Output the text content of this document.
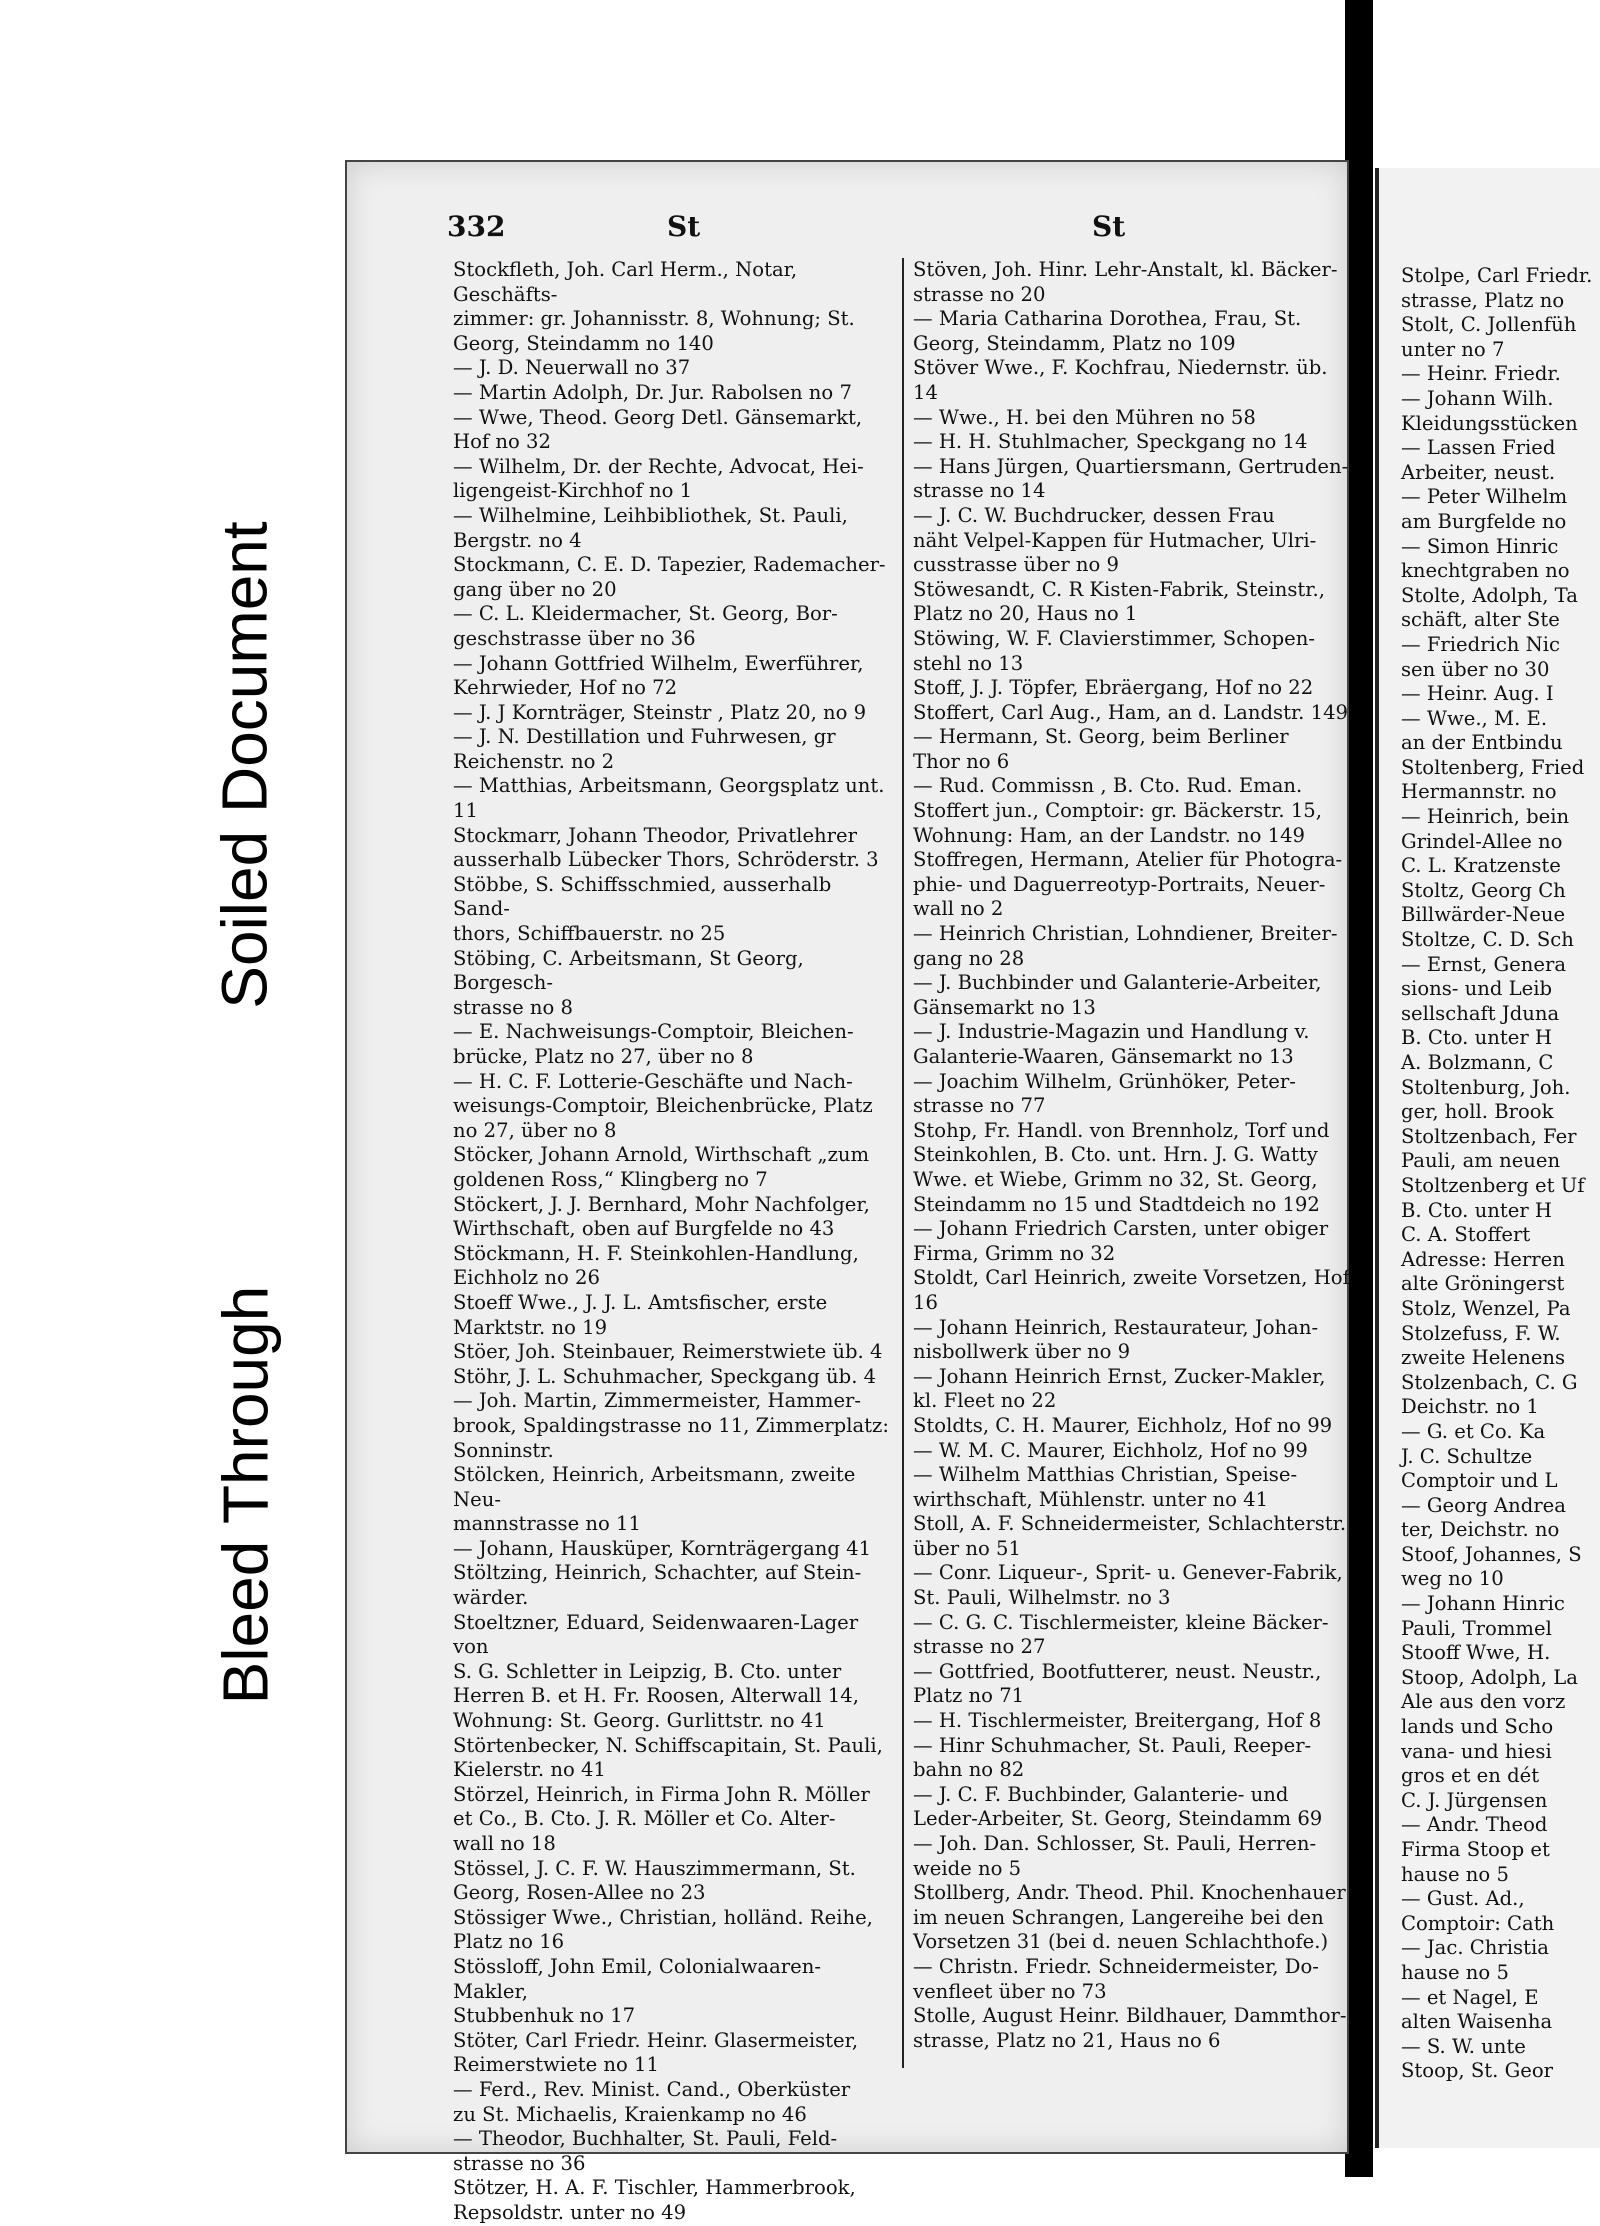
Soiled Document
Bleed Through
332	St	St
Stockfleth, Joh. Carl Herm., Notar, Geschäfts-
zimmer: gr. Johannisstr. 8, Wohnung; St.
Georg, Steindamm no 140
— J. D. Neuerwall no 37
— Martin Adolph, Dr. Jur. Rabolsen no 7
— Wwe, Theod. Georg Detl. Gänsemarkt,
Hof no 32
— Wilhelm, Dr. der Rechte, Advocat, Hei-
ligengeist-Kirchhof no 1
— Wilhelmine, Leihbibliothek, St. Pauli,
Bergstr. no 4
Stockmann, C. E. D. Tapezier, Rademacher-
gang über no 20
— C. L. Kleidermacher, St. Georg, Bor-
geschstrasse über no 36
— Johann Gottfried Wilhelm, Ewerführer,
Kehrwieder, Hof no 72
— J. J Kornträger, Steinstr , Platz 20, no 9
— J. N. Destillation und Fuhrwesen, gr
Reichenstr. no 2
— Matthias, Arbeitsmann, Georgsplatz unt. 11
Stockmarr, Johann Theodor, Privatlehrer
ausserhalb Lübecker Thors, Schröderstr. 3
Stöbbe, S. Schiffsschmied, ausserhalb Sand-
thors, Schiffbauerstr. no 25
Stöbing, C. Arbeitsmann, St Georg, Borgesch-
strasse no 8
— E. Nachweisungs-Comptoir, Bleichen-
brücke, Platz no 27, über no 8
— H. C. F. Lotterie-Geschäfte und Nach-
weisungs-Comptoir, Bleichenbrücke, Platz
no 27, über no 8
Stöcker, Johann Arnold, Wirthschaft „zum
goldenen Ross,“ Klingberg no 7
Stöckert, J. J. Bernhard, Mohr Nachfolger,
Wirthschaft, oben auf Burgfelde no 43
Stöckmann, H. F. Steinkohlen-Handlung,
Eichholz no 26
Stoeff Wwe., J. J. L. Amtsfischer, erste
Marktstr. no 19
Stöer, Joh. Steinbauer, Reimerstwiete üb. 4
Stöhr, J. L. Schuhmacher, Speckgang üb. 4
— Joh. Martin, Zimmermeister, Hammer-
brook, Spaldingstrasse no 11, Zimmerplatz:
Sonninstr.
Stölcken, Heinrich, Arbeitsmann, zweite Neu-
mannstrasse no 11
— Johann, Hausküper, Kornträgergang 41
Stöltzing, Heinrich, Schachter, auf Stein-
wärder.
Stoeltzner, Eduard, Seidenwaaren-Lager von
S. G. Schletter in Leipzig, B. Cto. unter
Herren B. et H. Fr. Roosen, Alterwall 14,
Wohnung: St. Georg. Gurlittstr. no 41
Störtenbecker, N. Schiffscapitain, St. Pauli,
Kielerstr. no 41
Störzel, Heinrich, in Firma John R. Möller
et Co., B. Cto. J. R. Möller et Co. Alter-
wall no 18
Stössel, J. C. F. W. Hauszimmermann, St.
Georg, Rosen-Allee no 23
Stössiger Wwe., Christian, holländ. Reihe,
Platz no 16
Stössloff, John Emil, Colonialwaaren-Makler,
Stubbenhuk no 17
Stöter, Carl Friedr. Heinr. Glasermeister,
Reimerstwiete no 11
— Ferd., Rev. Minist. Cand., Oberküster
zu St. Michaelis, Kraienkamp no 46
— Theodor, Buchhalter, St. Pauli, Feld-
strasse no 36
Stötzer, H. A. F. Tischler, Hammerbrook,
Repsoldstr. unter no 49
Stöven, Joh. Hinr. Lehr-Anstalt, kl. Bäcker-
strasse no 20
— Maria Catharina Dorothea, Frau, St.
Georg, Steindamm, Platz no 109
Stöver Wwe., F. Kochfrau, Niedernstr. üb. 14
— Wwe., H. bei den Mühren no 58
— H. H. Stuhlmacher, Speckgang no 14
— Hans Jürgen, Quartiersmann, Gertruden-
strasse no 14
— J. C. W. Buchdrucker, dessen Frau
näht Velpel-Kappen für Hutmacher, Ulri-
cusstrasse über no 9
Stöwesandt, C. R Kisten-Fabrik, Steinstr.,
Platz no 20, Haus no 1
Stöwing, W. F. Clavierstimmer, Schopen-
stehl no 13
Stoff, J. J. Töpfer, Ebräergang, Hof no 22
Stoffert, Carl Aug., Ham, an d. Landstr. 149
— Hermann, St. Georg, beim Berliner
Thor no 6
— Rud. Commissn , B. Cto. Rud. Eman.
Stoffert jun., Comptoir: gr. Bäckerstr. 15,
Wohnung: Ham, an der Landstr. no 149
Stoffregen, Hermann, Atelier für Photogra-
phie- und Daguerreotyp-Portraits, Neuer-
wall no 2
— Heinrich Christian, Lohndiener, Breiter-
gang no 28
— J. Buchbinder und Galanterie-Arbeiter,
Gänsemarkt no 13
— J. Industrie-Magazin und Handlung v.
Galanterie-Waaren, Gänsemarkt no 13
— Joachim Wilhelm, Grünhöker, Peter-
strasse no 77
Stohp, Fr. Handl. von Brennholz, Torf und
Steinkohlen, B. Cto. unt. Hrn. J. G. Watty
Wwe. et Wiebe, Grimm no 32, St. Georg,
Steindamm no 15 und Stadtdeich no 192
— Johann Friedrich Carsten, unter obiger
Firma, Grimm no 32
Stoldt, Carl Heinrich, zweite Vorsetzen, Hof 16
— Johann Heinrich, Restaurateur, Johan-
nisbollwerk über no 9
— Johann Heinrich Ernst, Zucker-Makler,
kl. Fleet no 22
Stoldts, C. H. Maurer, Eichholz, Hof no 99
— W. M. C. Maurer, Eichholz, Hof no 99
— Wilhelm Matthias Christian, Speise-
wirthschaft, Mühlenstr. unter no 41
Stoll, A. F. Schneidermeister, Schlachterstr.
über no 51
— Conr. Liqueur-, Sprit- u. Genever-Fabrik,
St. Pauli, Wilhelmstr. no 3
— C. G. C. Tischlermeister, kleine Bäcker-
strasse no 27
— Gottfried, Bootfutterer, neust. Neustr.,
Platz no 71
— H. Tischlermeister, Breitergang, Hof 8
— Hinr Schuhmacher, St. Pauli, Reeper-
bahn no 82
— J. C. F. Buchbinder, Galanterie- und
Leder-Arbeiter, St. Georg, Steindamm 69
— Joh. Dan. Schlosser, St. Pauli, Herren-
weide no 5
Stollberg, Andr. Theod. Phil. Knochenhauer
im neuen Schrangen, Langereihe bei den
Vorsetzen 31 (bei d. neuen Schlachthofe.)
— Christn. Friedr. Schneidermeister, Do-
venfleet über no 73
Stolle, August Heinr. Bildhauer, Dammthor-
strasse, Platz no 21, Haus no 6
Stolpe, Carl Friedr.
strasse, Platz no
Stolt, C. Jollenfüh
unter no 7
— Heinr. Friedr.
— Johann Wilh.
Kleidungsstücken
— Lassen Fried
Arbeiter, neust.
— Peter Wilhelm
am Burgfelde no
— Simon Hinric
knechtgraben no
Stolte, Adolph, Ta
schäft, alter Ste
— Friedrich Nic
sen über no 30
— Heinr. Aug. I
— Wwe., M. E.
an der Entbindu
Stoltenberg, Fried
Hermannstr. no
— Heinrich, bein
Grindel-Allee no
C. L. Kratzenste
Stoltz, Georg Ch
Billwärder-Neue
Stoltze, C. D. Sch
— Ernst, Genera
sions- und Leib
sellschaft Jduna
B. Cto. unter H
A. Bolzmann, C
Stoltenburg, Joh.
ger, holl. Brook
Stoltzenbach, Fer
Pauli, am neuen
Stoltzenberg et Uf
B. Cto. unter H
C. A. Stoffert
Adresse: Herren
alte Gröningerst
Stolz, Wenzel, Pa
Stolzefuss, F. W.
zweite Helenens
Stolzenbach, C. G
Deichstr. no 1
— G. et Co. Ka
J. C. Schultze
Comptoir und L
— Georg Andrea
ter, Deichstr. no
Stoof, Johannes, S
weg no 10
— Johann Hinric
Pauli, Trommel
Stooff Wwe, H.
Stoop, Adolph, La
Ale aus den vorz
lands und Scho
vana- und hiesi
gros et en dét
C. J. Jürgensen
— Andr. Theod
Firma Stoop et
hause no 5
— Gust. Ad.,
Comptoir: Cath
— Jac. Christia
hause no 5
— et Nagel, E
alten Waisenha
— S. W. unte
Stoop, St. Geor
